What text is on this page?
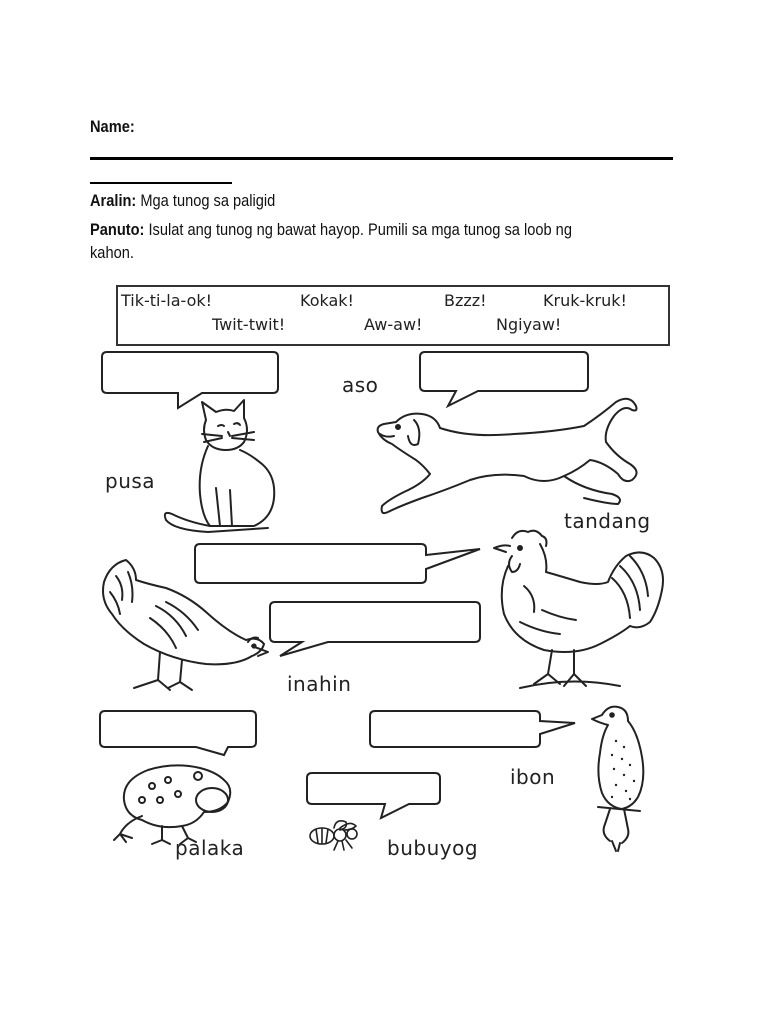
Name:
Aralin: Mga tunog sa paligid
Panuto: Isulat ang tunog ng bawat hayop. Pumili sa mga tunog sa loob ng
kahon.
Tik-ti-la-ok!	Kokak!	Bzzz!	Kruk-kruk!
Twit-twit!	Aw-aw!	Ngiyaw!
pusa
aso
tandang
inahin
palaka	bubuyog
ibon
